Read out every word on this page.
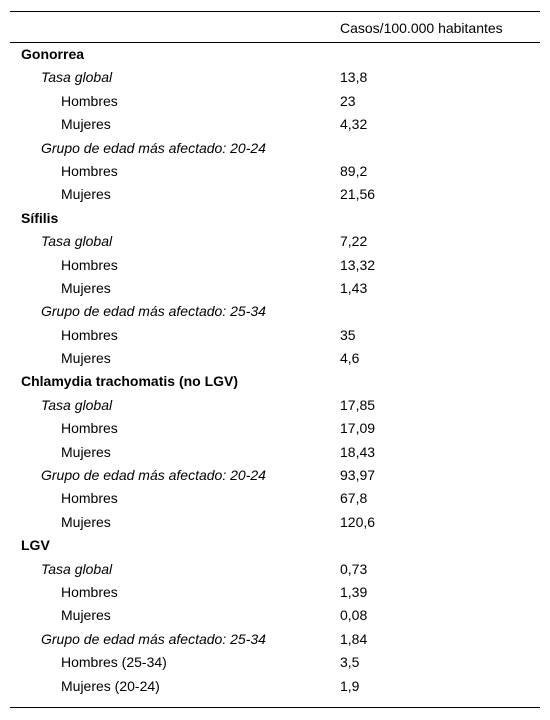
Casos/100.000 habitantes
Gonorrea
Tasa global	13,8
Hombres	23
Mujeres	4,32
Grupo de edad más afectado: 20-24
Hombres	89,2
Mujeres	21,56
Sífilis
Tasa global	7,22
Hombres	13,32
Mujeres	1,43
Grupo de edad más afectado: 25-34
Hombres	35
Mujeres	4,6
Chlamydia trachomatis (no LGV)
Tasa global	17,85
Hombres	17,09
Mujeres	18,43
Grupo de edad más afectado: 20-24	93,97
Hombres	67,8
Mujeres	120,6
LGV
Tasa global	0,73
Hombres	1,39
Mujeres	0,08
Grupo de edad más afectado: 25-34	1,84
Hombres (25-34)	3,5
Mujeres (20-24)	1,9
